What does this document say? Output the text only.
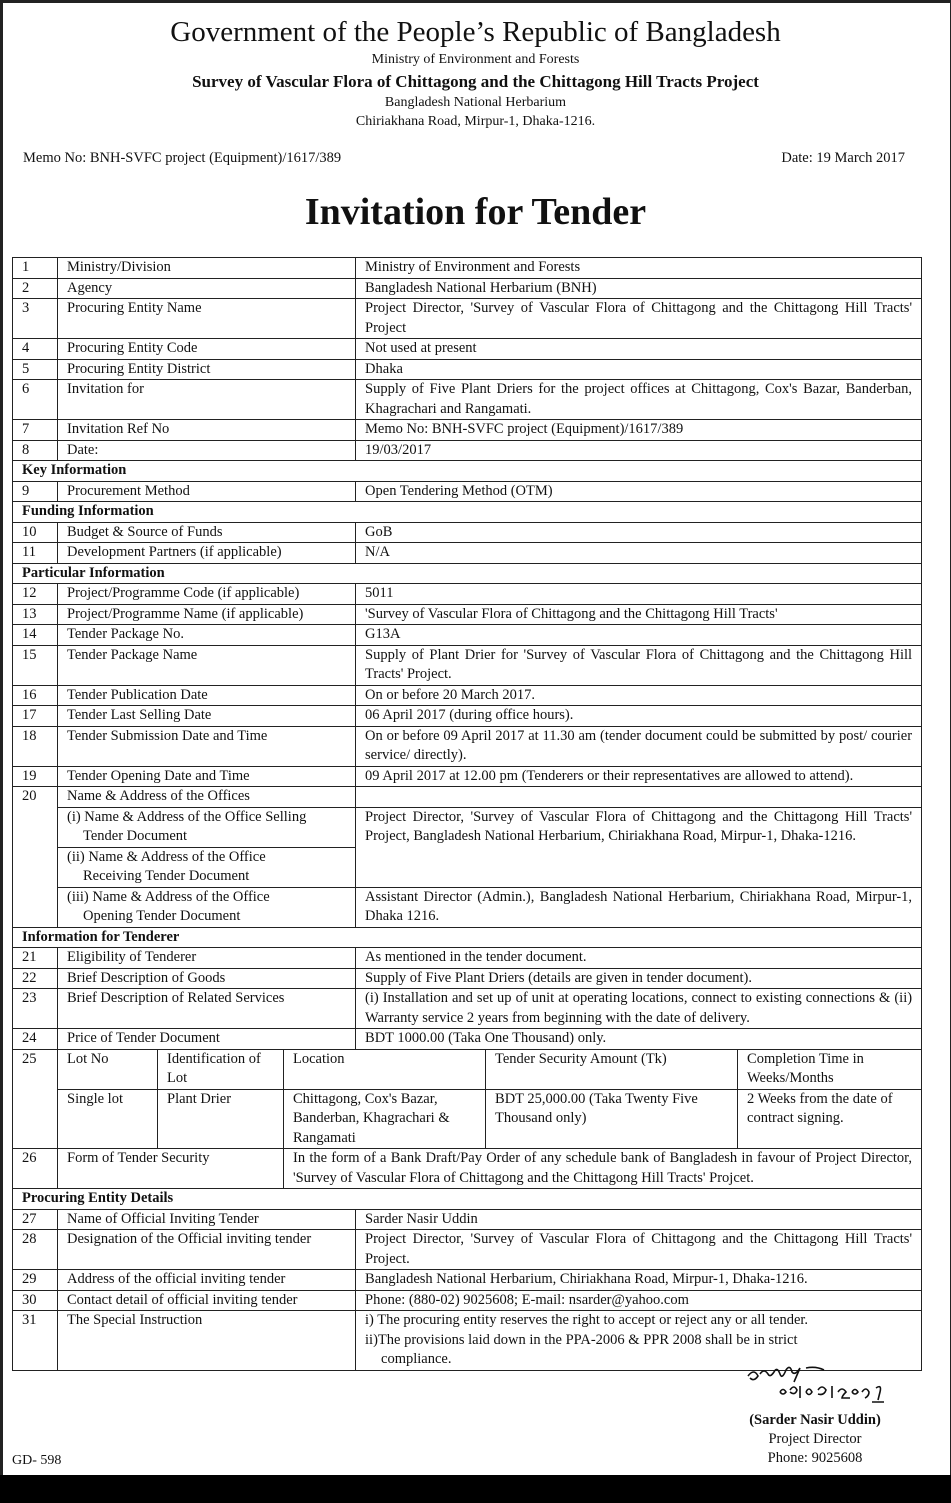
Government of the People’s Republic of Bangladesh
Ministry of Environment and Forests
Survey of Vascular Flora of Chittagong and the Chittagong Hill Tracts Project
Bangladesh National Herbarium
Chiriakhana Road, Mirpur-1, Dhaka-1216.
Memo No: BNH-SVFC project (Equipment)/1617/389	Date: 19 March 2017
Invitation for Tender
1	Ministry/Division			Ministry of Environment and Forests		
2	Agency			Bangladesh National Herbarium (BNH)		
3	Procuring Entity Name			Project Director, 'Survey of Vascular Flora of Chittagong and the Chittagong Hill Tracts' Project		
4	Procuring Entity Code			Not used at present		
5	Procuring Entity District			Dhaka		
6	Invitation for			Supply of Five Plant Driers for the project offices at Chittagong, Cox's Bazar, Banderban, Khagrachari and Rangamati.		
7	Invitation Ref No			Memo No: BNH-SVFC project (Equipment)/1617/389		
8	Date:			19/03/2017		
Key Information						
9	Procurement Method			Open Tendering Method (OTM)		
Funding Information						
10	Budget & Source of Funds			GoB		
11	Development Partners (if applicable)			N/A		
Particular Information						
12	Project/Programme Code (if applicable)			5011		
13	Project/Programme Name (if applicable)			'Survey of Vascular Flora of Chittagong and the Chittagong Hill Tracts'		
14	Tender Package No.			G13A		
15	Tender Package Name			Supply of Plant Drier for 'Survey of Vascular Flora of Chittagong and the Chittagong Hill Tracts' Project.		
16	Tender Publication Date			On or before 20 March 2017.		
17	Tender Last Selling Date			06 April 2017 (during office hours).		
18	Tender Submission Date and Time			On or before 09 April 2017 at 11.30 am (tender document could be submitted by post/ courier service/ directly).		
19	Tender Opening Date and Time			09 April 2017 at 12.00 pm (Tenderers or their representatives are allowed to attend).		
20	Name & Address of the Offices					
	(i) Name & Address of the Office Selling
Tender Document			Project Director, 'Survey of Vascular Flora of Chittagong and the Chittagong Hill Tracts' Project, Bangladesh National Herbarium, Chiriakhana Road, Mirpur-1, Dhaka-1216.		
	(ii) Name & Address of the Office
Receiving Tender Document					

	(iii) Name & Address of the Office
Opening Tender Document			Assistant Director (Admin.), Bangladesh National Herbarium, Chiriakhana Road, Mirpur-1, Dhaka 1216.		
Information for Tenderer						
21	Eligibility of Tenderer			As mentioned in the tender document.		
22	Brief Description of Goods			Supply of Five Plant Driers (details are given in tender document).		
23	Brief Description of Related Services			(i) Installation and set up of unit at operating locations, connect to existing connections & (ii) Warranty service 2 years from beginning with the date of delivery.		
24	Price of Tender Document			BDT 1000.00 (Taka One Thousand) only.		
25	Lot No	Identification of Lot	Location		Tender Security Amount (Tk)	Completion Time in Weeks/Months
	Single lot	Plant Drier	Chittagong, Cox's Bazar, Banderban, Khagrachari & Rangamati		BDT 25,000.00 (Taka Twenty Five Thousand only)	2 Weeks from the date of contract signing.
26	Form of Tender Security		In the form of a Bank Draft/Pay Order of any schedule bank of Bangladesh in favour of Project Director, 'Survey of Vascular Flora of Chittagong and the Chittagong Hill Tracts' Projcet.			
Procuring Entity Details						
27	Name of Official Inviting Tender			Sarder Nasir Uddin		
28	Designation of the Official inviting tender			Project Director, 'Survey of Vascular Flora of Chittagong and the Chittagong Hill Tracts' Project.		
29	Address of the official inviting tender			Bangladesh National Herbarium, Chiriakhana Road, Mirpur-1, Dhaka-1216.		
30	Contact detail of official inviting tender			Phone: (880-02) 9025608; E-mail: nsarder@yahoo.com		
31	The Special Instruction			i) The procuring entity reserves the right to accept or reject any or all tender.
ii)The provisions laid down in the PPA-2006 & PPR 2008 shall be in strict
compliance.		
(Sarder Nasir Uddin)
Project Director
Phone: 9025608
GD- 598
